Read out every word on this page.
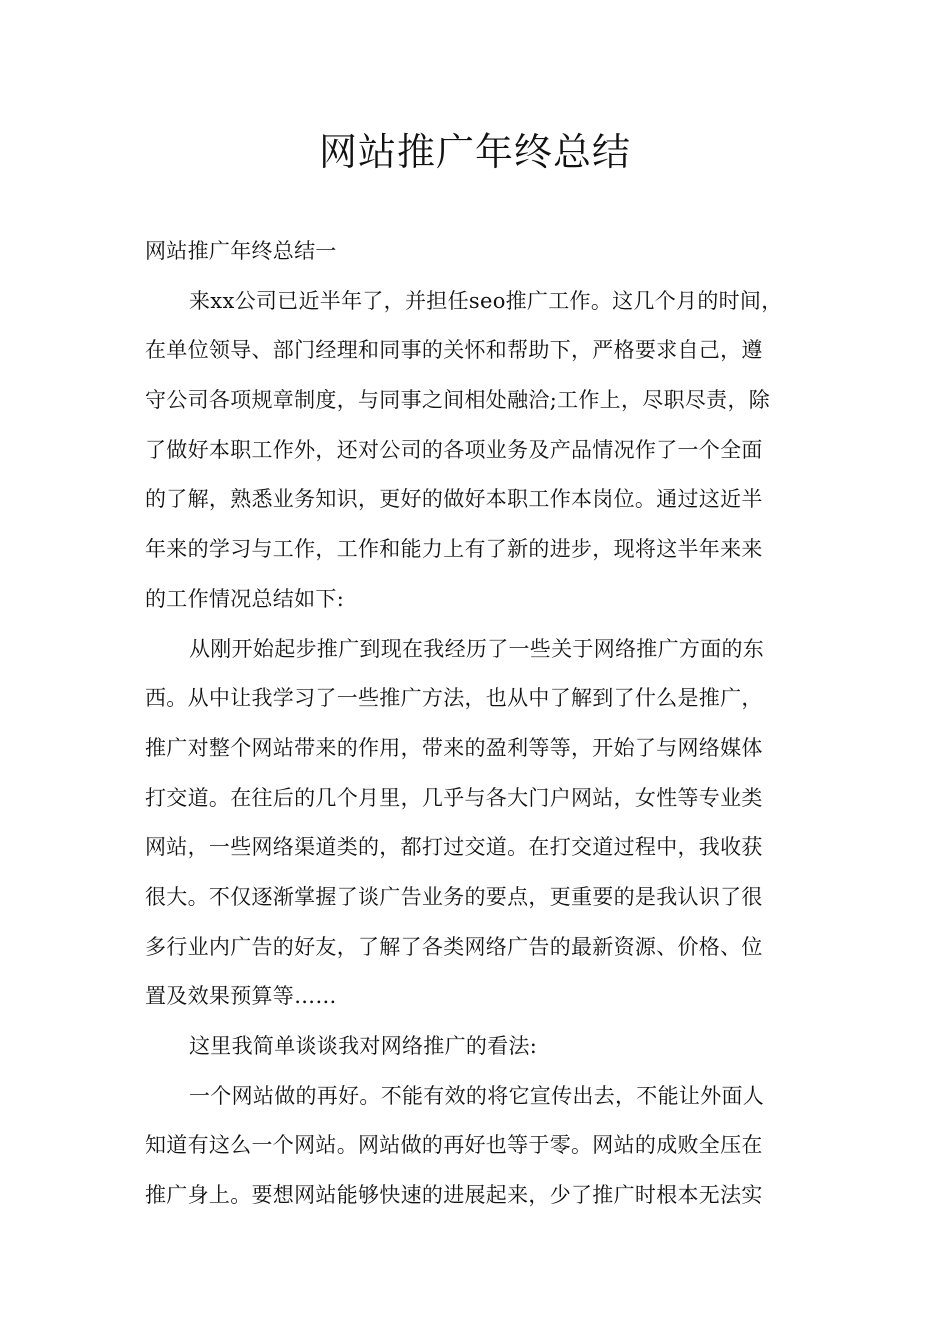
网站推广年终总结
网站推广年终总结一
来xx公司已近半年了，并担任seo推广工作。这几个月的时间，
在单位领导、部门经理和同事的关怀和帮助下，严格要求自己，遵
守公司各项规章制度，与同事之间相处融洽;工作上，尽职尽责，除
了做好本职工作外，还对公司的各项业务及产品情况作了一个全面
的了解，熟悉业务知识，更好的做好本职工作本岗位。通过这近半
年来的学习与工作，工作和能力上有了新的进步，现将这半年来来
的工作情况总结如下:
从刚开始起步推广到现在我经历了一些关于网络推广方面的东
西。从中让我学习了一些推广方法，也从中了解到了什么是推广，
推广对整个网站带来的作用，带来的盈利等等，开始了与网络媒体
打交道。在往后的几个月里，几乎与各大门户网站，女性等专业类
网站，一些网络渠道类的，都打过交道。在打交道过程中，我收获
很大。不仅逐渐掌握了谈广告业务的要点，更重要的是我认识了很
多行业内广告的好友，了解了各类网络广告的最新资源、价格、位
置及效果预算等……
这里我简单谈谈我对网络推广的看法:
一个网站做的再好。不能有效的将它宣传出去，不能让外面人
知道有这么一个网站。网站做的再好也等于零。网站的成败全压在
推广身上。要想网站能够快速的进展起来，少了推广时根本无法实
